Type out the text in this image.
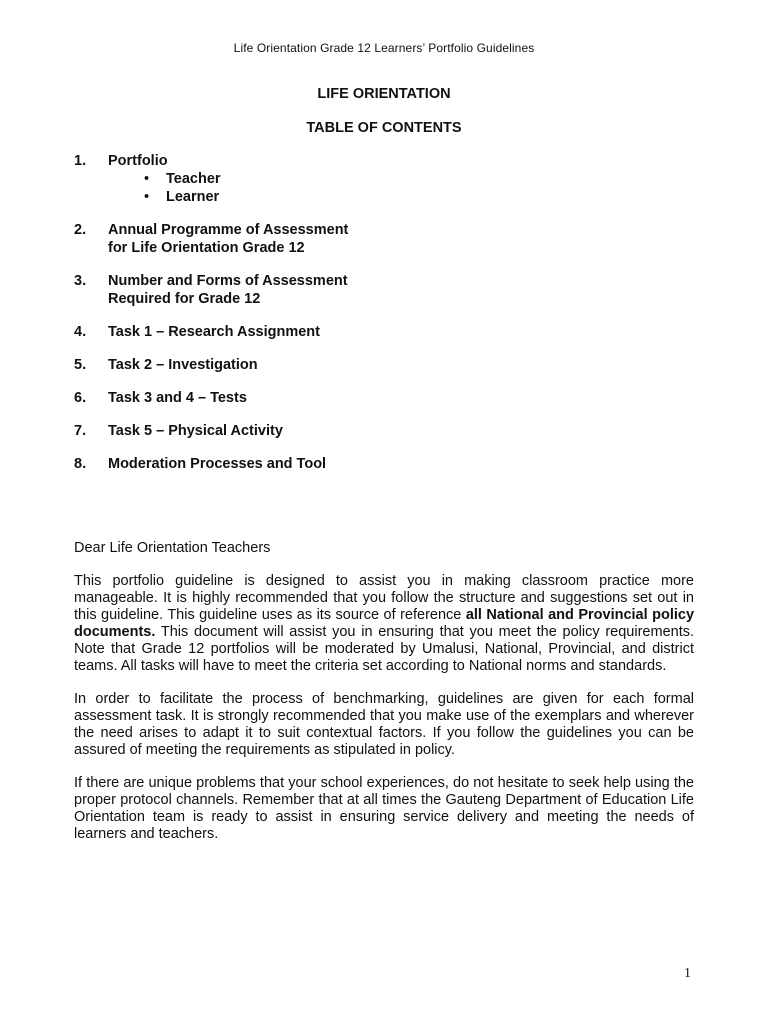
Life Orientation Grade 12 Learners’ Portfolio Guidelines
LIFE ORIENTATION
TABLE OF CONTENTS
1. Portfolio
• Teacher
• Learner
2. Annual Programme of Assessment
for Life Orientation Grade 12
3. Number and Forms of Assessment
Required for Grade 12
4. Task 1 – Research Assignment
5. Task 2 – Investigation
6. Task 3 and 4 – Tests
7. Task 5 – Physical Activity
8. Moderation Processes and Tool

Dear Life Orientation Teachers

This portfolio guideline is designed to assist you in making classroom practice more manageable. It is highly recommended that you follow the structure and suggestions set out in this guideline. This guideline uses as its source of reference all National and Provincial policy documents. This document will assist you in ensuring that you meet the policy requirements. Note that Grade 12 portfolios will be moderated by Umalusi, National, Provincial, and district teams. All tasks will have to meet the criteria set according to National norms and standards.

In order to facilitate the process of benchmarking, guidelines are given for each formal assessment task. It is strongly recommended that you make use of the exemplars and wherever the need arises to adapt it to suit contextual factors. If you follow the guidelines you can be assured of meeting the requirements as stipulated in policy.

If there are unique problems that your school experiences, do not hesitate to seek help using the proper protocol channels. Remember that at all times the Gauteng Department of Education Life Orientation team is ready to assist in ensuring service delivery and meeting the needs of learners and teachers.

1
